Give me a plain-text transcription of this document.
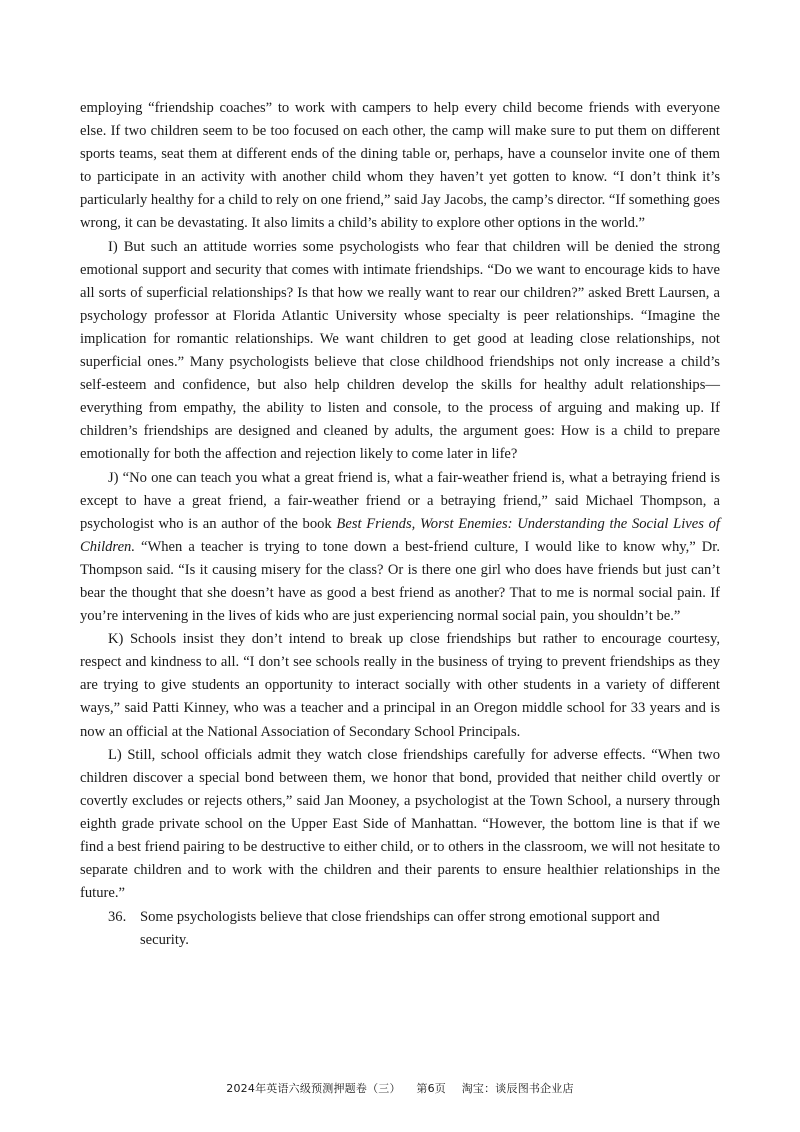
employing “friendship coaches” to work with campers to help every child become friends with everyone else. If two children seem to be too focused on each other, the camp will make sure to put them on different sports teams, seat them at different ends of the dining table or, perhaps, have a counselor invite one of them to participate in an activity with another child whom they haven’t yet gotten to know. “I don’t think it’s particularly healthy for a child to rely on one friend,” said Jay Jacobs, the camp’s director. “If something goes wrong, it can be devastating. It also limits a child’s ability to explore other options in the world.”

I) But such an attitude worries some psychologists who fear that children will be denied the strong emotional support and security that comes with intimate friendships. “Do we want to encourage kids to have all sorts of superficial relationships? Is that how we really want to rear our children?” asked Brett Laursen, a psychology professor at Florida Atlantic University whose specialty is peer relationships. “Imagine the implication for romantic relationships. We want children to get good at leading close relationships, not superficial ones.” Many psychologists believe that close childhood friendships not only increase a child’s self-esteem and confidence, but also help children develop the skills for healthy adult relationships—everything from empathy, the ability to listen and console, to the process of arguing and making up. If children’s friendships are designed and cleaned by adults, the argument goes: How is a child to prepare emotionally for both the affection and rejection likely to come later in life?

J) “No one can teach you what a great friend is, what a fair-weather friend is, what a betraying friend is except to have a great friend, a fair-weather friend or a betraying friend,” said Michael Thompson, a psychologist who is an author of the book Best Friends, Worst Enemies: Understanding the Social Lives of Children. “When a teacher is trying to tone down a best-friend culture, I would like to know why,” Dr. Thompson said. “Is it causing misery for the class? Or is there one girl who does have friends but just can’t bear the thought that she doesn’t have as good a best friend as another? That to me is normal social pain. If you’re intervening in the lives of kids who are just experiencing normal social pain, you shouldn’t be.”

K) Schools insist they don’t intend to break up close friendships but rather to encourage courtesy, respect and kindness to all. “I don’t see schools really in the business of trying to prevent friendships as they are trying to give students an opportunity to interact socially with other students in a variety of different ways,” said Patti Kinney, who was a teacher and a principal in an Oregon middle school for 33 years and is now an official at the National Association of Secondary School Principals.

L) Still, school officials admit they watch close friendships carefully for adverse effects. “When two children discover a special bond between them, we honor that bond, provided that neither child overtly or covertly excludes or rejects others,” said Jan Mooney, a psychologist at the Town School, a nursery through eighth grade private school on the Upper East Side of Manhattan. “However, the bottom line is that if we find a best friend pairing to be destructive to either child, or to others in the classroom, we will not hesitate to separate children and to work with the children and their parents to ensure healthier relationships in the future.”

36. Some psychologists believe that close friendships can offer strong emotional support and
security.
2024年英语六级预测押题卷（三） 第6页 淘宝：谈辰图书企业店
